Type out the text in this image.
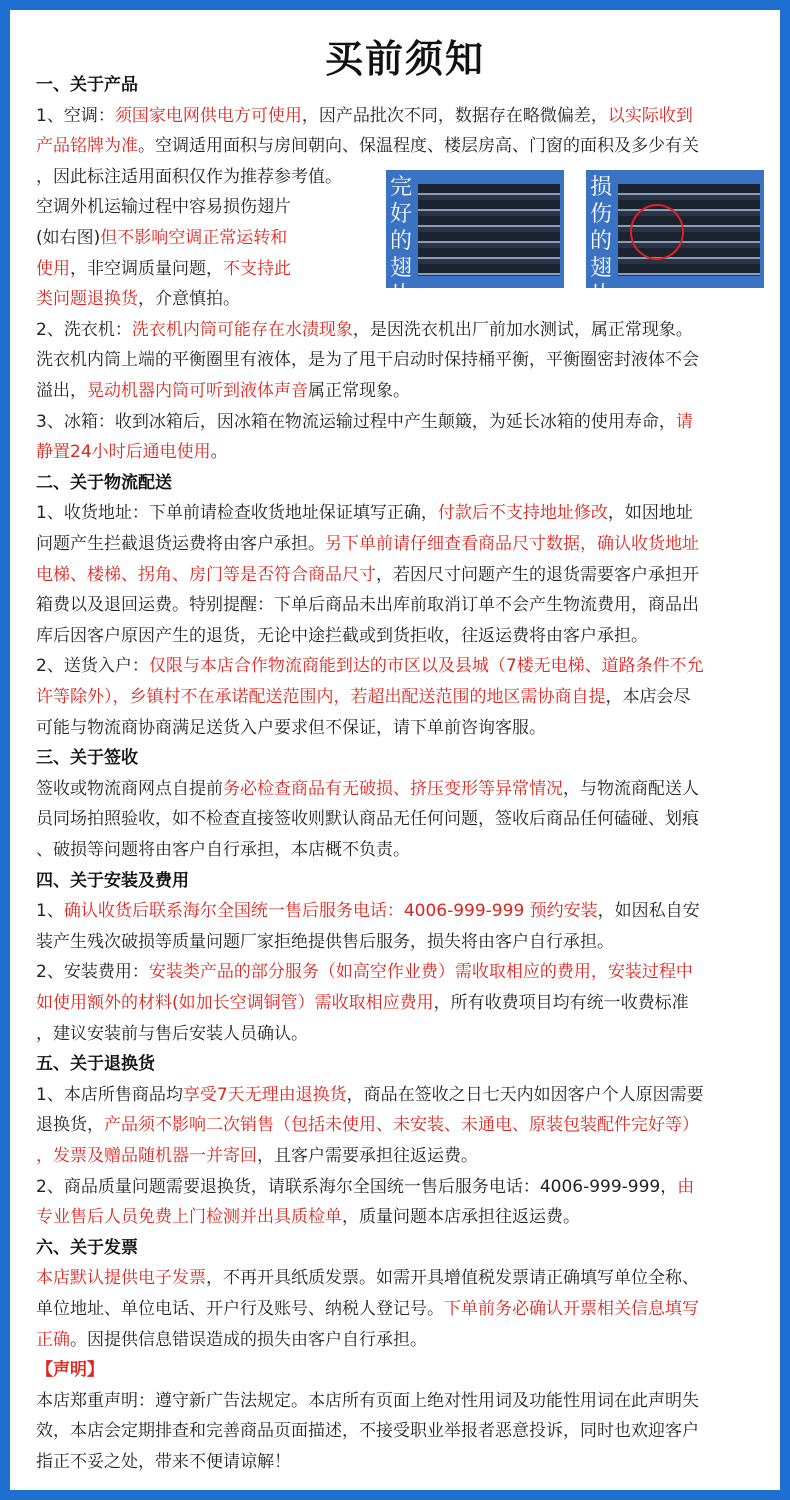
买前须知
完好的翅片
损伤的翅片
一、关于产品
1、空调：须国家电网供电方可使用，因产品批次不同，数据存在略微偏差，以实际收到
产品铭牌为准。空调适用面积与房间朝向、保温程度、楼层房高、门窗的面积及多少有关
，因此标注适用面积仅作为推荐参考值。
空调外机运输过程中容易损伤翅片
(如右图)但不影响空调正常运转和
使用，非空调质量问题，不支持此
类问题退换货，介意慎拍。
2、洗衣机：洗衣机内筒可能存在水渍现象，是因洗衣机出厂前加水测试，属正常现象。
洗衣机内筒上端的平衡圈里有液体，是为了甩干启动时保持桶平衡，平衡圈密封液体不会
溢出，晃动机器内筒可听到液体声音属正常现象。
3、冰箱：收到冰箱后，因冰箱在物流运输过程中产生颠簸，为延长冰箱的使用寿命，请
静置24小时后通电使用。
二、关于物流配送
1、收货地址：下单前请检查收货地址保证填写正确，付款后不支持地址修改，如因地址
问题产生拦截退货运费将由客户承担。另下单前请仔细查看商品尺寸数据，确认收货地址
电梯、楼梯、拐角、房门等是否符合商品尺寸，若因尺寸问题产生的退货需要客户承担开
箱费以及退回运费。特别提醒：下单后商品未出库前取消订单不会产生物流费用，商品出
库后因客户原因产生的退货，无论中途拦截或到货拒收，往返运费将由客户承担。
2、送货入户：仅限与本店合作物流商能到达的市区以及县城（7楼无电梯、道路条件不允
许等除外），乡镇村不在承诺配送范围内，若超出配送范围的地区需协商自提，本店会尽
可能与物流商协商满足送货入户要求但不保证，请下单前咨询客服。
三、关于签收
签收或物流商网点自提前务必检查商品有无破损、挤压变形等异常情况，与物流商配送人
员同场拍照验收，如不检查直接签收则默认商品无任何问题，签收后商品任何磕碰、划痕
、破损等问题将由客户自行承担，本店概不负责。
四、关于安装及费用
1、确认收货后联系海尔全国统一售后服务电话：4006-999-999 预约安装，如因私自安
装产生残次破损等质量问题厂家拒绝提供售后服务，损失将由客户自行承担。
2、安装费用：安装类产品的部分服务（如高空作业费）需收取相应的费用，安装过程中
如使用额外的材料(如加长空调铜管）需收取相应费用，所有收费项目均有统一收费标准
，建议安装前与售后安装人员确认。
五、关于退换货
1、本店所售商品均享受7天无理由退换货，商品在签收之日七天内如因客户个人原因需要
退换货，产品须不影响二次销售（包括未使用、未安装、未通电、原装包装配件完好等）
，发票及赠品随机器一并寄回，且客户需要承担往返运费。
2、商品质量问题需要退换货，请联系海尔全国统一售后服务电话：4006-999-999，由
专业售后人员免费上门检测并出具质检单，质量问题本店承担往返运费。
六、关于发票
本店默认提供电子发票，不再开具纸质发票。如需开具增值税发票请正确填写单位全称、
单位地址、单位电话、开户行及账号、纳税人登记号。下单前务必确认开票相关信息填写
正确。因提供信息错误造成的损失由客户自行承担。
【声明】
本店郑重声明：遵守新广告法规定。本店所有页面上绝对性用词及功能性用词在此声明失
效，本店会定期排查和完善商品页面描述，不接受职业举报者恶意投诉，同时也欢迎客户
指正不妥之处，带来不便请谅解！
